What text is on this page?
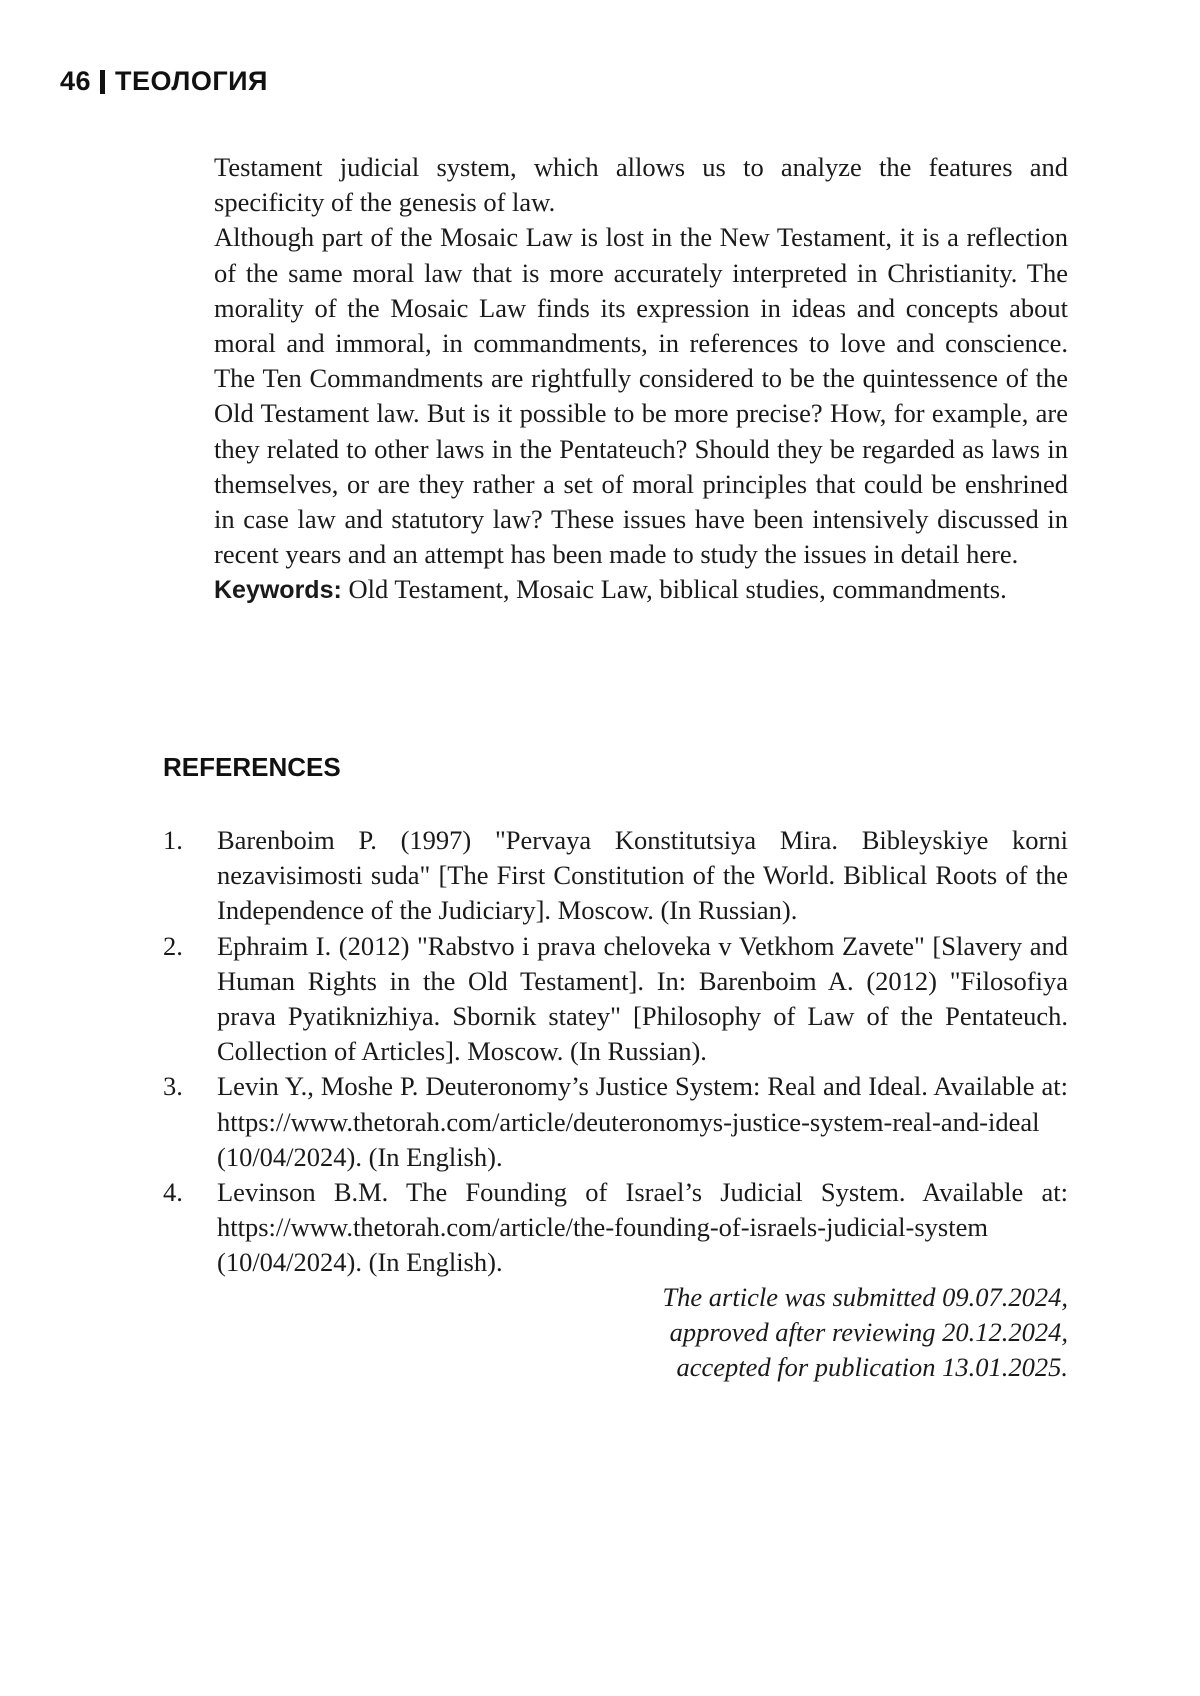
46 ТЕОЛОГИЯ

Testament judicial system, which allows us to analyze the features and specificity of the genesis of law.

Although part of the Mosaic Law is lost in the New Testament, it is a reflection of the same moral law that is more accurately interpreted in Christianity. The morality of the Mosaic Law finds its expression in ideas and concepts about moral and immoral, in commandments, in references to love and conscience. The Ten Commandments are rightfully considered to be the quintessence of the Old Testament law. But is it possible to be more precise? How, for example, are they related to other laws in the Pentateuch? Should they be regarded as laws in themselves, or are they rather a set of moral principles that could be enshrined in case law and statutory law? These issues have been intensively discussed in recent years and an attempt has been made to study the issues in detail here.

Keywords: Old Testament, Mosaic Law, biblical studies, commandments.

REFERENCES
1.	Barenboim P. (1997) "Pervaya Konstitutsiya Mira. Bibleyskiye korni nezavisimosti suda" [The First Constitution of the World. Biblical Roots of the Independence of the Judiciary]. Moscow. (In Russian).
2.	Ephraim I. (2012) "Rabstvo i prava cheloveka v Vetkhom Zavete" [Slavery and Human Rights in the Old Testament]. In: Barenboim A. (2012) "Filosofiya prava Pyatiknizhiya. Sbornik statey" [Philosophy of Law of the Pentateuch. Collection of Articles]. Moscow. (In Russian).
3.	Levin Y., Moshe P. Deuteronomy’s Justice System: Real and Ideal. Available at: https://www.thetorah.com/article/deuteronomys-justice-system-real-and-ideal (10/04/2024). (In English).
4.	Levinson B.M. The Founding of Israel’s Judicial System. Available at: https://www.thetorah.com/article/the-founding-of-israels-judicial-system (10/04/2024). (In English).
The article was submitted 09.07.2024,
approved after reviewing 20.12.2024,
accepted for publication 13.01.2025.
